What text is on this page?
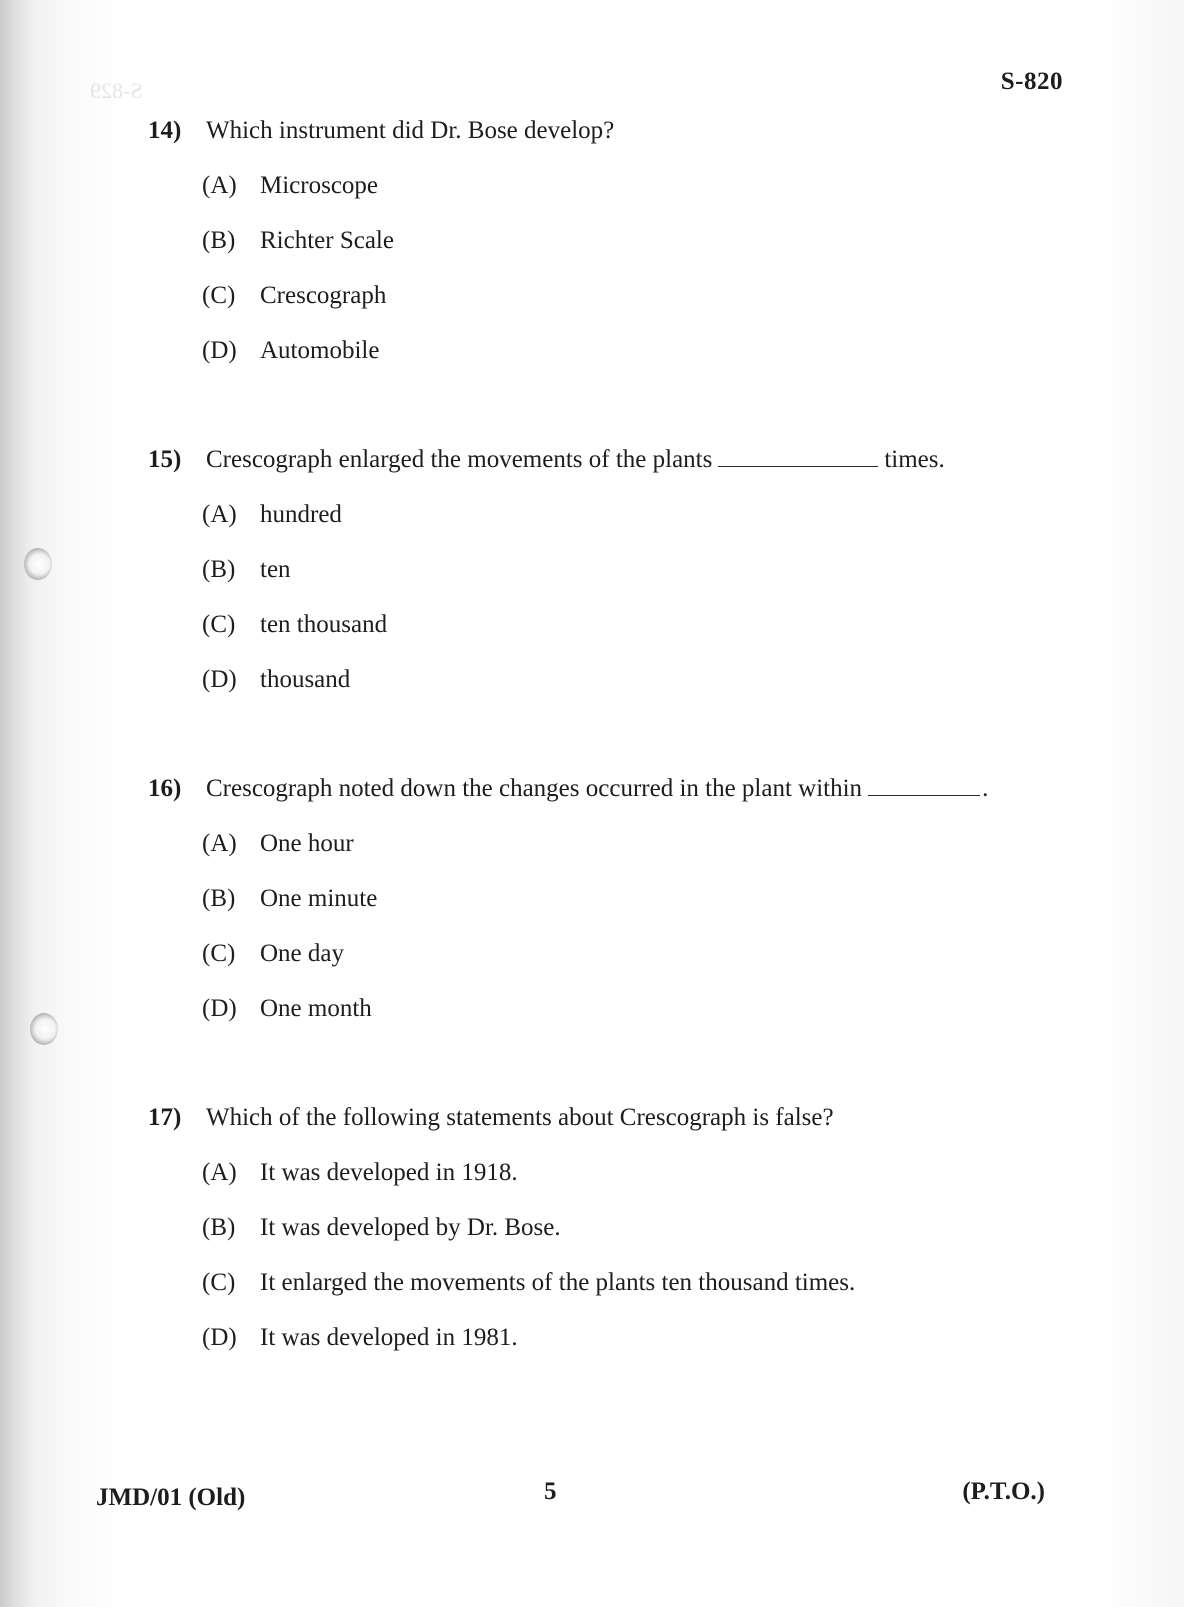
S-829	S-820

14) Which instrument did Dr. Bose develop?

(A) Microscope
(B) Richter Scale
(C) Crescograph
(D) Automobile

15) Crescograph enlarged the movements of the plants	times.

(A) hundred
(B) ten
(C) ten thousand
(D) thousand

16) Crescograph noted down the changes occurred in the plant within	.

(A) One hour
(B) One minute
(C) One day
(D) One month

17) Which of the following statements about Crescograph is false?

(A) It was developed in 1918.
(B) It was developed by Dr. Bose.
(C) It enlarged the movements of the plants ten thousand times.
(D) It was developed in 1981.
JMD/01 (Old)	5	(P.T.O.)
